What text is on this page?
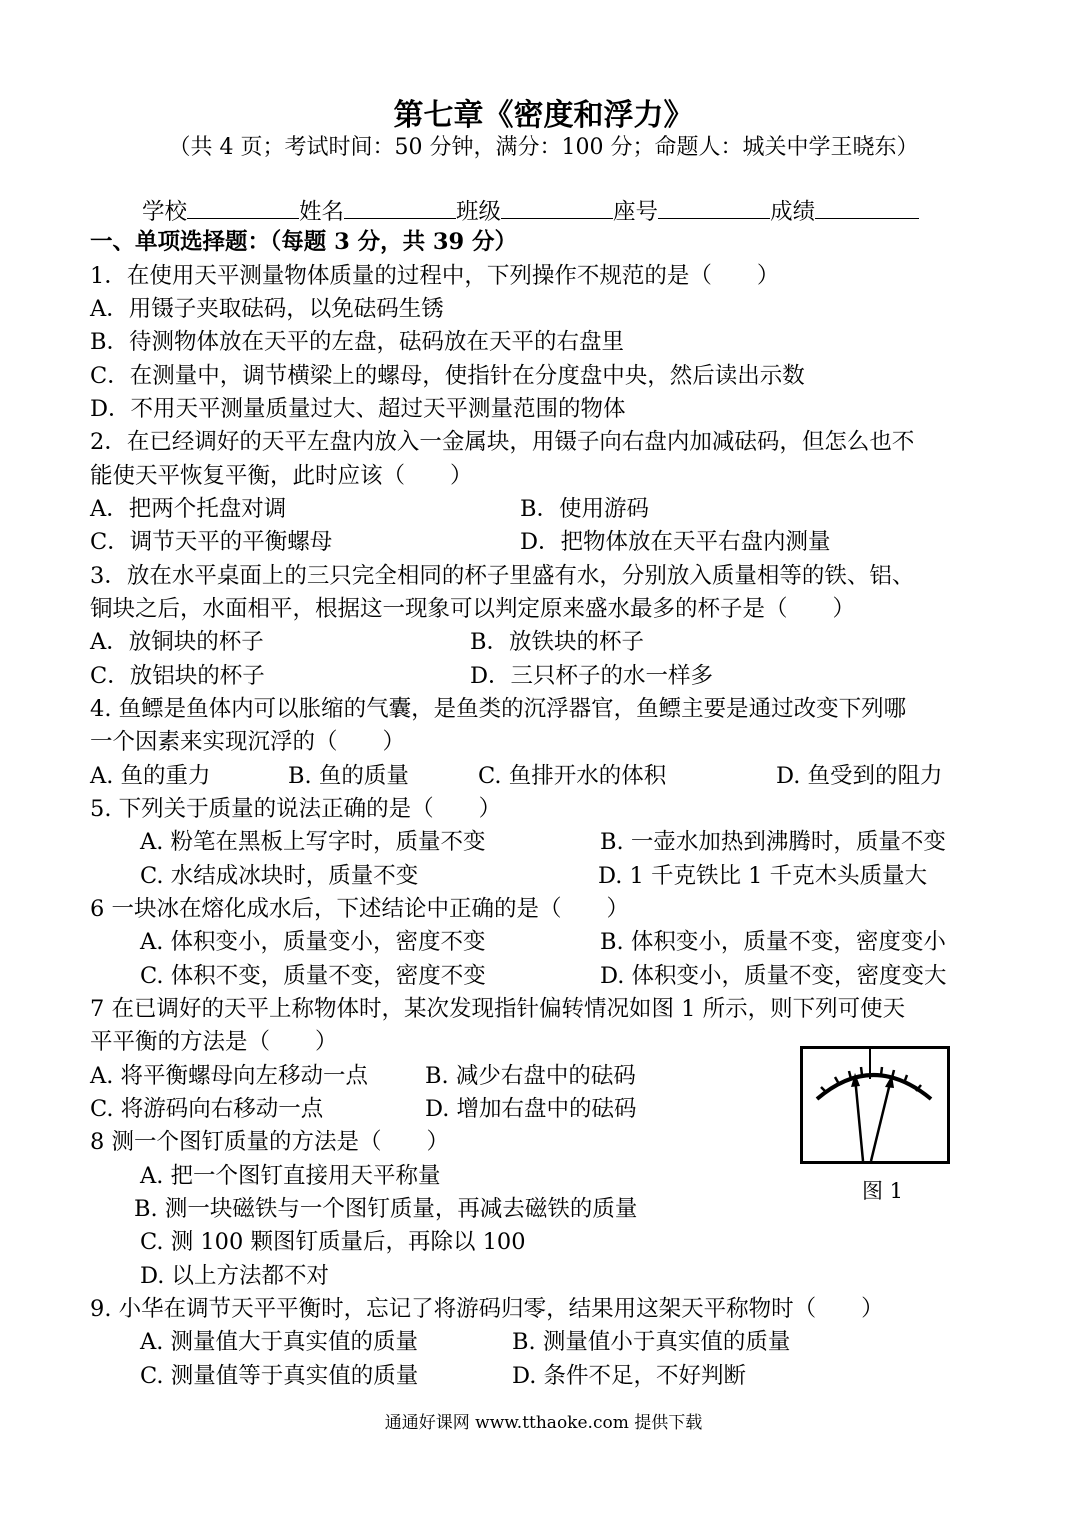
第七章《密度和浮力》
（共 4 页；考试时间：50 分钟，满分：100 分；命题人：城关中学王晓东）
学校	姓名	班级	座号	成绩
一、单项选择题：（每题 3 分，共 39 分）
1．在使用天平测量物体质量的过程中，下列操作不规范的是（　　）
A．用镊子夹取砝码，以免砝码生锈
B．待测物体放在天平的左盘，砝码放在天平的右盘里
C．在测量中，调节横梁上的螺母，使指针在分度盘中央，然后读出示数
D．不用天平测量质量过大、超过天平测量范围的物体
2．在已经调好的天平左盘内放入一金属块，用镊子向右盘内加减砝码，但怎么也不
能使天平恢复平衡，此时应该（　　）
A．把两个托盘对调	B．使用游码
C．调节天平的平衡螺母	D．把物体放在天平右盘内测量
3．放在水平桌面上的三只完全相同的杯子里盛有水，分别放入质量相等的铁、铝、
铜块之后，水面相平，根据这一现象可以判定原来盛水最多的杯子是（　　）
A．放铜块的杯子	B．放铁块的杯子
C．放铝块的杯子	D．三只杯子的水一样多
4. 鱼鳔是鱼体内可以胀缩的气囊，是鱼类的沉浮器官，鱼鳔主要是通过改变下列哪
一个因素来实现沉浮的（　　）
A. 鱼的重力	B. 鱼的质量	C. 鱼排开水的体积	D. 鱼受到的阻力
5. 下列关于质量的说法正确的是（　　）
A. 粉笔在黑板上写字时，质量不变	B. 一壶水加热到沸腾时，质量不变
C. 水结成冰块时，质量不变	D. 1 千克铁比 1 千克木头质量大
6 一块冰在熔化成水后，下述结论中正确的是（　　）
A. 体积变小，质量变小，密度不变	B. 体积变小，质量不变，密度变小
C. 体积不变，质量不变，密度不变	D. 体积变小，质量不变，密度变大
7 在已调好的天平上称物体时，某次发现指针偏转情况如图 1 所示，则下列可使天
平平衡的方法是（　　）
A. 将平衡螺母向左移动一点	B. 减少右盘中的砝码
C. 将游码向右移动一点	D. 增加右盘中的砝码
图 1
8 测一个图钉质量的方法是（　　）
A. 把一个图钉直接用天平称量
B. 测一块磁铁与一个图钉质量，再减去磁铁的质量
C. 测 100 颗图钉质量后，再除以 100
D. 以上方法都不对
9. 小华在调节天平平衡时，忘记了将游码归零，结果用这架天平称物时（　　）
A. 测量值大于真实值的质量	B. 测量值小于真实值的质量
C. 测量值等于真实值的质量	D. 条件不足，不好判断
通通好课网 www.tthaoke.com 提供下载
